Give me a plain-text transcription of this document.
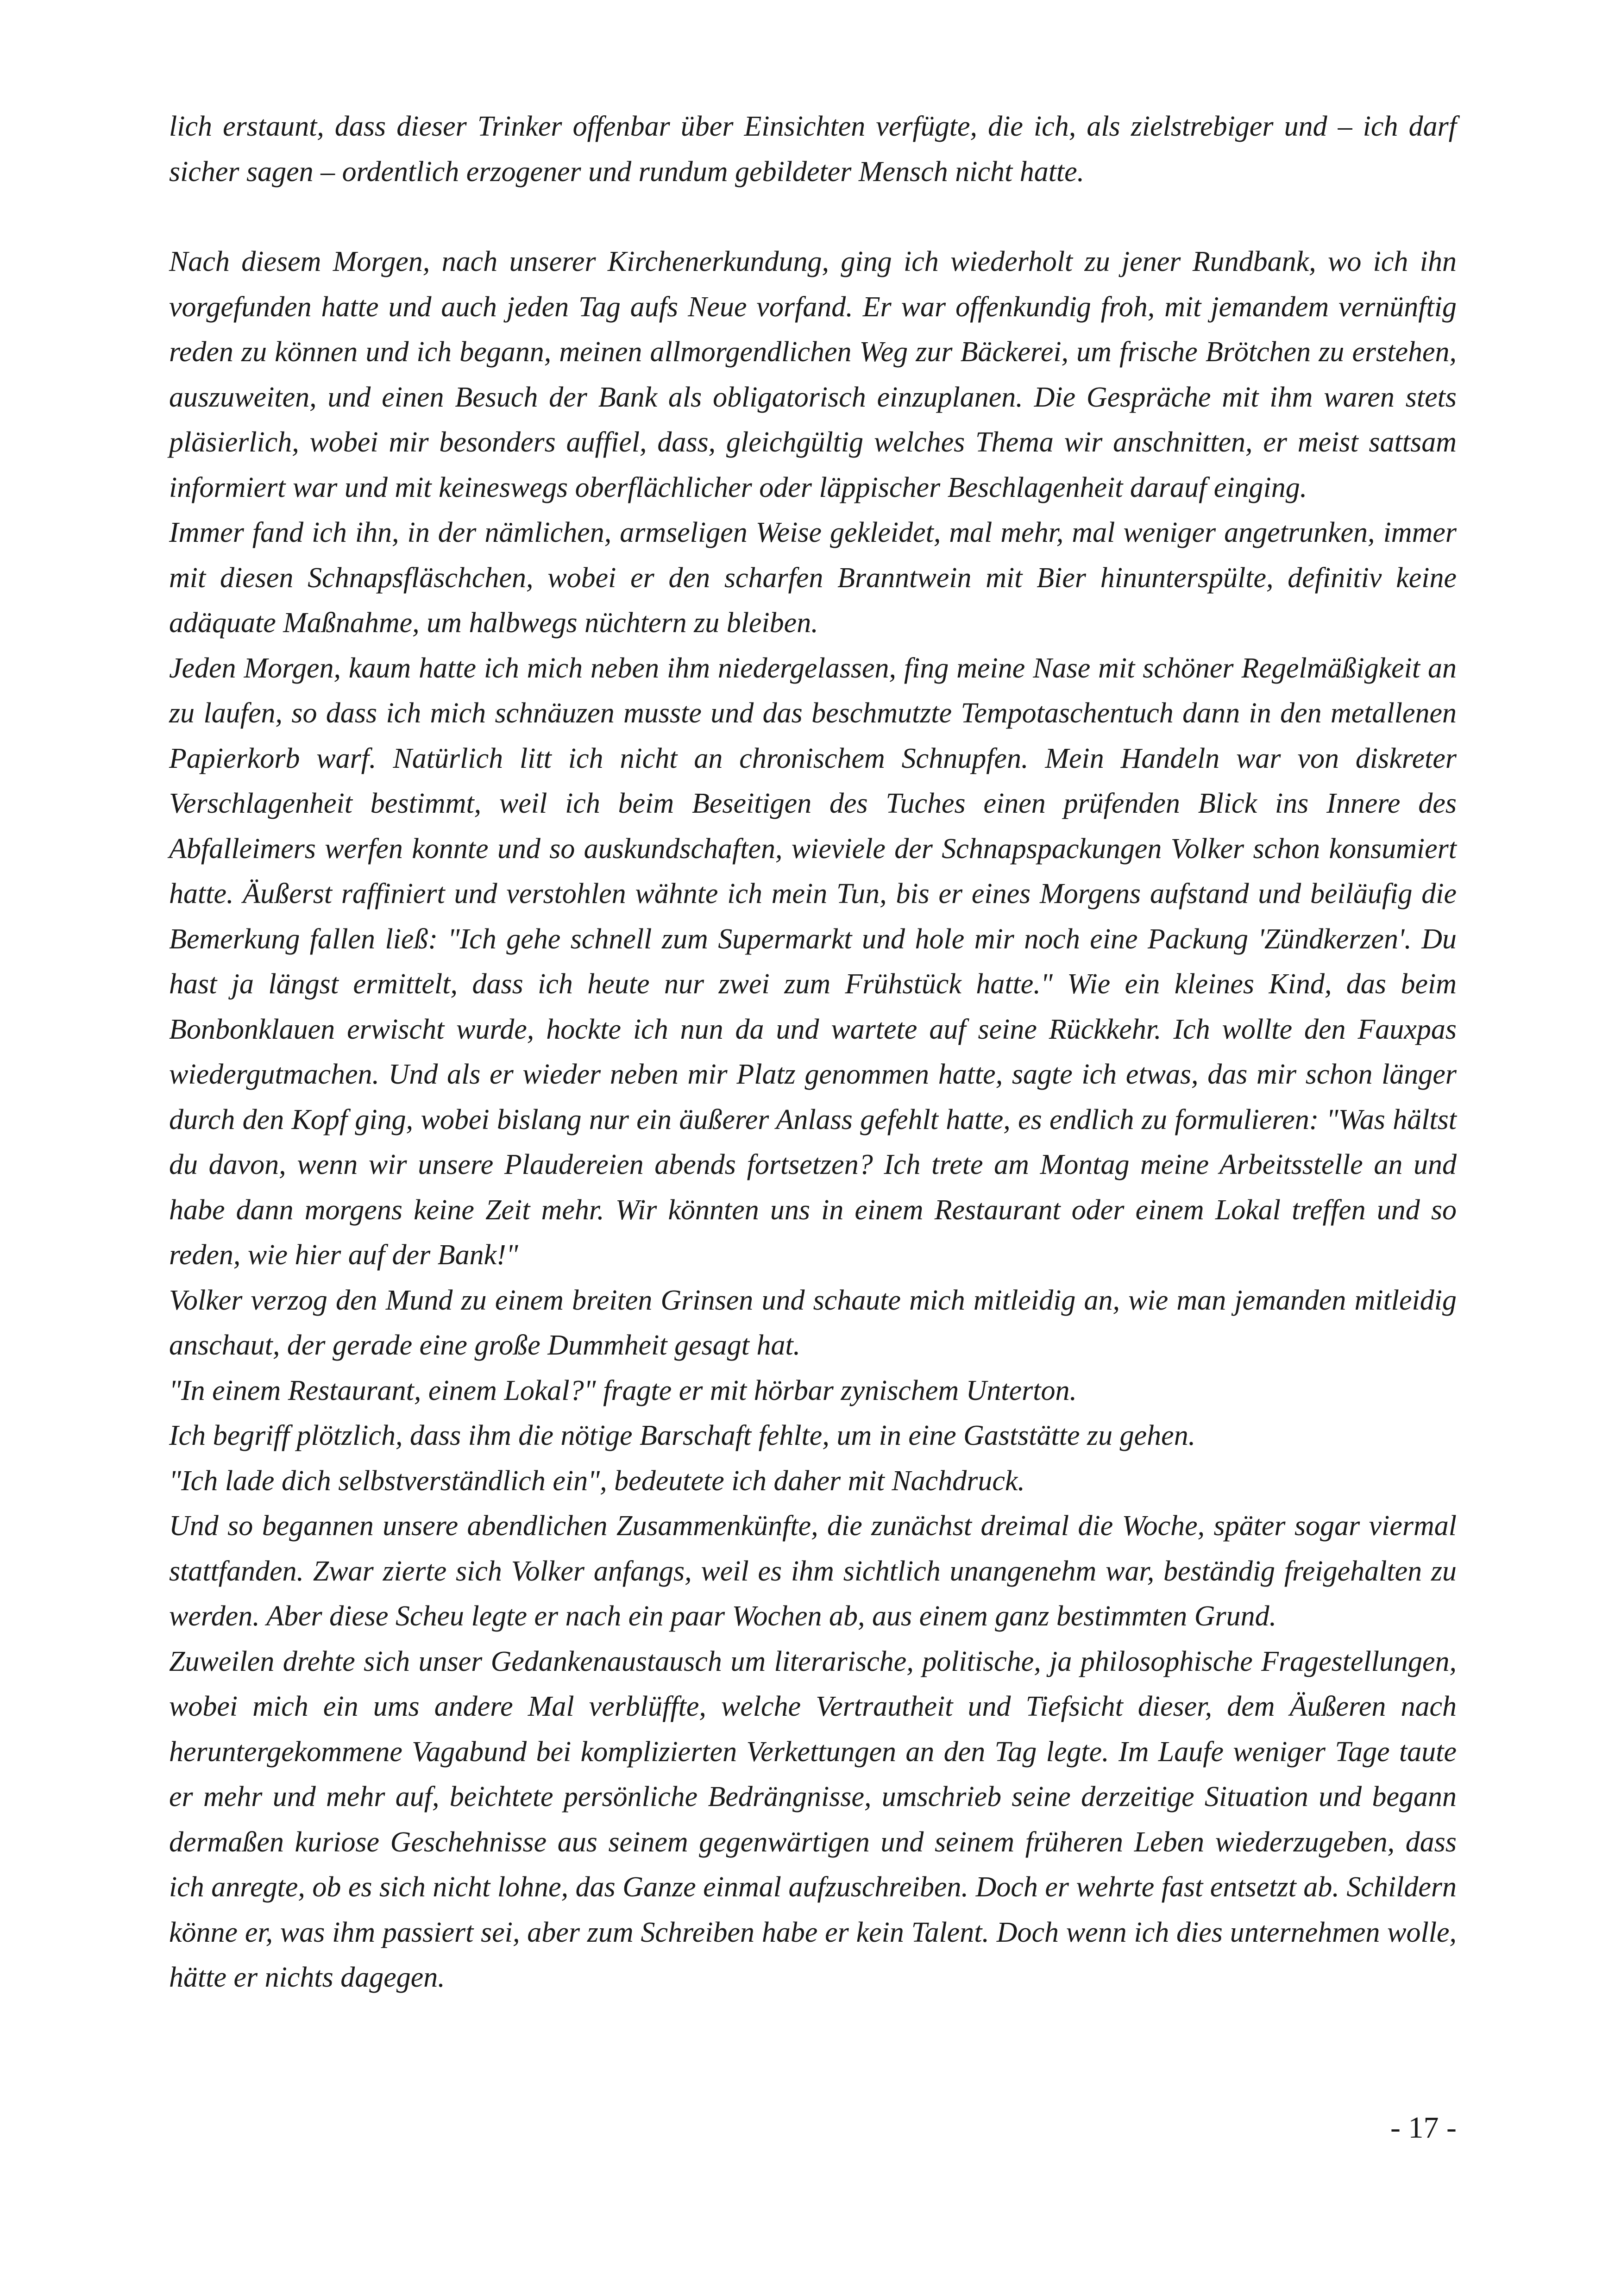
lich erstaunt, dass dieser Trinker offenbar über Einsichten verfügte, die ich, als zielstrebiger und – ich darf sicher sagen – ordentlich erzogener und rundum gebildeter Mensch nicht hatte.

Nach diesem Morgen, nach unserer Kirchenerkundung, ging ich wiederholt zu jener Rundbank, wo ich ihn vorgefunden hatte und auch jeden Tag aufs Neue vorfand. Er war offenkundig froh, mit jemandem vernünftig reden zu können und ich begann, meinen allmorgendlichen Weg zur Bäckerei, um frische Brötchen zu erstehen, auszuweiten, und einen Besuch der Bank als obligatorisch einzuplanen. Die Gespräche mit ihm waren stets pläsierlich, wobei mir besonders auffiel, dass, gleichgültig welches Thema wir anschnitten, er meist sattsam informiert war und mit keineswegs oberflächlicher oder läppischer Beschlagenheit darauf einging.

Immer fand ich ihn, in der nämlichen, armseligen Weise gekleidet, mal mehr, mal weniger angetrunken, immer mit diesen Schnapsfläschchen, wobei er den scharfen Branntwein mit Bier hinunterspülte, definitiv keine adäquate Maßnahme, um halbwegs nüchtern zu bleiben.

Jeden Morgen, kaum hatte ich mich neben ihm niedergelassen, fing meine Nase mit schöner Regelmäßigkeit an zu laufen, so dass ich mich schnäuzen musste und das beschmutzte Tempotaschentuch dann in den metallenen Papierkorb warf. Natürlich litt ich nicht an chronischem Schnupfen. Mein Handeln war von diskreter Verschlagenheit bestimmt, weil ich beim Beseitigen des Tuches einen prüfenden Blick ins Innere des Abfalleimers werfen konnte und so auskundschaften, wieviele der Schnapspackungen Volker schon konsumiert hatte. Äußerst raffiniert und verstohlen wähnte ich mein Tun, bis er eines Morgens aufstand und beiläufig die Bemerkung fallen ließ: "Ich gehe schnell zum Supermarkt und hole mir noch eine Packung 'Zündkerzen'. Du hast ja längst ermittelt, dass ich heute nur zwei zum Frühstück hatte." Wie ein kleines Kind, das beim Bonbonklauen erwischt wurde, hockte ich nun da und wartete auf seine Rückkehr. Ich wollte den Fauxpas wiedergutmachen. Und als er wieder neben mir Platz genommen hatte, sagte ich etwas, das mir schon länger durch den Kopf ging, wobei bislang nur ein äußerer Anlass gefehlt hatte, es endlich zu formulieren: "Was hältst du davon, wenn wir unsere Plaudereien abends fortsetzen? Ich trete am Montag meine Arbeitsstelle an und habe dann morgens keine Zeit mehr. Wir könnten uns in einem Restaurant oder einem Lokal treffen und so reden, wie hier auf der Bank!"

Volker verzog den Mund zu einem breiten Grinsen und schaute mich mitleidig an, wie man jemanden mitleidig anschaut, der gerade eine große Dummheit gesagt hat.

"In einem Restaurant, einem Lokal?" fragte er mit hörbar zynischem Unterton.

Ich begriff plötzlich, dass ihm die nötige Barschaft fehlte, um in eine Gaststätte zu gehen.

"Ich lade dich selbstverständlich ein", bedeutete ich daher mit Nachdruck.

Und so begannen unsere abendlichen Zusammenkünfte, die zunächst dreimal die Woche, später sogar viermal stattfanden. Zwar zierte sich Volker anfangs, weil es ihm sichtlich unangenehm war, beständig freigehalten zu werden. Aber diese Scheu legte er nach ein paar Wochen ab, aus einem ganz bestimmten Grund.

Zuweilen drehte sich unser Gedankenaustausch um literarische, politische, ja philosophische Fragestellungen, wobei mich ein ums andere Mal verblüffte, welche Vertrautheit und Tiefsicht dieser, dem Äußeren nach heruntergekommene Vagabund bei komplizierten Verkettungen an den Tag legte. Im Laufe weniger Tage taute er mehr und mehr auf, beichtete persönliche Bedrängnisse, umschrieb seine derzeitige Situation und begann dermaßen kuriose Geschehnisse aus seinem gegenwärtigen und seinem früheren Leben wiederzugeben, dass ich anregte, ob es sich nicht lohne, das Ganze einmal aufzuschreiben. Doch er wehrte fast entsetzt ab. Schildern könne er, was ihm passiert sei, aber zum Schreiben habe er kein Talent. Doch wenn ich dies unternehmen wolle, hätte er nichts dagegen.

- 17 -
